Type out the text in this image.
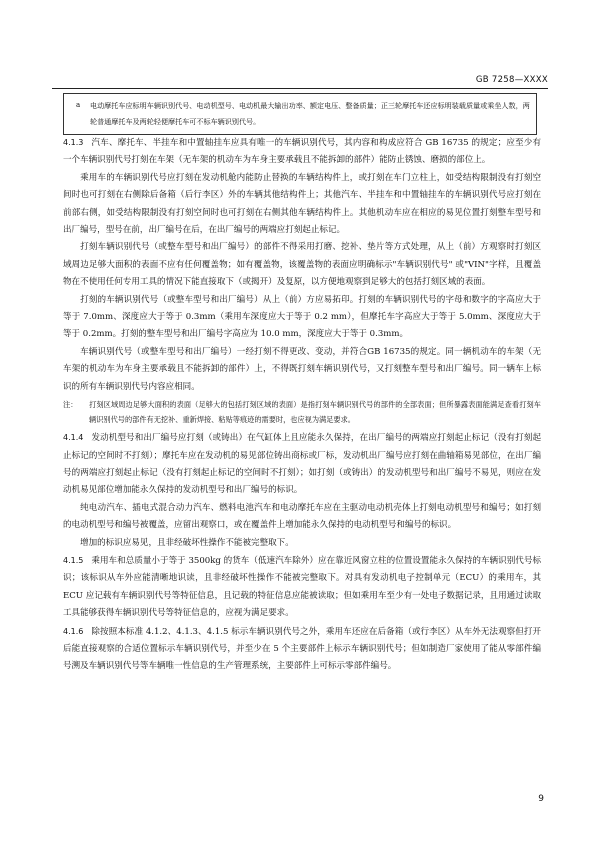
GB 7258—XXXX
a 电动摩托车应标明车辆识别代号、电动机型号、电动机最大输出功率、额定电压、整备质量；正三轮摩托车还应标明装载质量或乘坐人数，两轮普通摩托车及两轮轻便摩托车可不标车辆识别代号。

4.1.3 汽车、摩托车、半挂车和中置轴挂车应具有唯一的车辆识别代号，其内容和构成应符合 GB 16735 的规定；应至少有一个车辆识别代号打刻在车架（无车架的机动车为车身主要承载且不能拆卸的部件）能防止锈蚀、磨损的部位上。

乘用车的车辆识别代号应打刻在发动机舱内能防止替换的车辆结构件上，或打刻在车门立柱上，如受结构限制没有打刻空间时也可打刻在右侧除后备箱（后行李区）外的车辆其他结构件上；其他汽车、半挂车和中置轴挂车的车辆识别代号应打刻在前部右侧，如受结构限制没有打刻空间时也可打刻在右侧其他车辆结构件上。其他机动车应在相应的易见位置打刻整车型号和出厂编号，型号在前，出厂编号在后，在出厂编号的两端应打刻起止标记。

打刻车辆识别代号（或整车型号和出厂编号）的部件不得采用打磨、挖补、垫片等方式处理，从上（前）方观察时打刻区域周边足够大面积的表面不应有任何覆盖物；如有覆盖物，该覆盖物的表面应明确标示"车辆识别代号" 或"VIN"字样，且覆盖物在不使用任何专用工具的情况下能直接取下（或揭开）及复原，以方便地观察到足够大的包括打刻区域的表面。

打刻的车辆识别代号（或整车型号和出厂编号）从上（前）方应易拓印。打刻的车辆识别代号的字母和数字的字高应大于等于 7.0mm、深度应大于等于 0.3mm（乘用车深度应大于等于 0.2 mm），但摩托车字高应大于等于 5.0mm、深度应大于等于 0.2mm。打刻的整车型号和出厂编号字高应为 10.0 mm，深度应大于等于 0.3mm。

车辆识别代号（或整车型号和出厂编号）一经打刻不得更改、变动，并符合GB 16735的规定。同一辆机动车的车架（无车架的机动车为车身主要承载且不能拆卸的部件）上，不得既打刻车辆识别代号，又打刻整车型号和出厂编号。同一辆车上标识的所有车辆识别代号内容应相同。

注： 打刻区域周边足够大面积的表面（足够大的包括打刻区域的表面）是指打刻车辆识别代号的部件的全部表面；但所暴露表面能满足查看打刻车辆识别代号的部件有无挖补、重新焊接、粘贴等痕迹的需要时，也应视为满足要求。

4.1.4 发动机型号和出厂编号应打刻（或铸出）在气缸体上且应能永久保持，在出厂编号的两端应打刻起止标记（没有打刻起止标记的空间时不打刻）；摩托车应在发动机的易见部位铸出商标或厂标，发动机出厂编号应打刻在曲轴箱易见部位，在出厂编号的两端应打刻起止标记（没有打刻起止标记的空间时不打刻）；如打刻（或铸出）的发动机型号和出厂编号不易见，则应在发动机易见部位增加能永久保持的发动机型号和出厂编号的标识。

纯电动汽车、插电式混合动力汽车、燃料电池汽车和电动摩托车应在主驱动电动机壳体上打刻电动机型号和编号；如打刻的电动机型号和编号被覆盖，应留出观察口，或在覆盖件上增加能永久保持的电动机型号和编号的标识。

增加的标识应易见，且非经破坏性操作不能被完整取下。

4.1.5 乘用车和总质量小于等于 3500kg 的货车（低速汽车除外）应在靠近风窗立柱的位置设置能永久保持的车辆识别代号标识；该标识从车外应能清晰地识读，且非经破坏性操作不能被完整取下。对具有发动机电子控制单元（ECU）的乘用车，其 ECU 应记载有车辆识别代号等特征信息，且记载的特征信息应能被读取；但如乘用车至少有一处电子数据记录，且用通过读取工具能够获得车辆识别代号等特征信息的，应视为满足要求。

4.1.6 除按照本标准 4.1.2、4.1.3、4.1.5 标示车辆识别代号之外，乘用车还应在后备箱（或行李区）从车外无法观察但打开后能直接观察的合适位置标示车辆识别代号，并至少在 5 个主要部件上标示车辆识别代号；但如制造厂家使用了能从零部件编号溯及车辆识别代号等车辆唯一性信息的生产管理系统，主要部件上可标示零部件编号。

9
